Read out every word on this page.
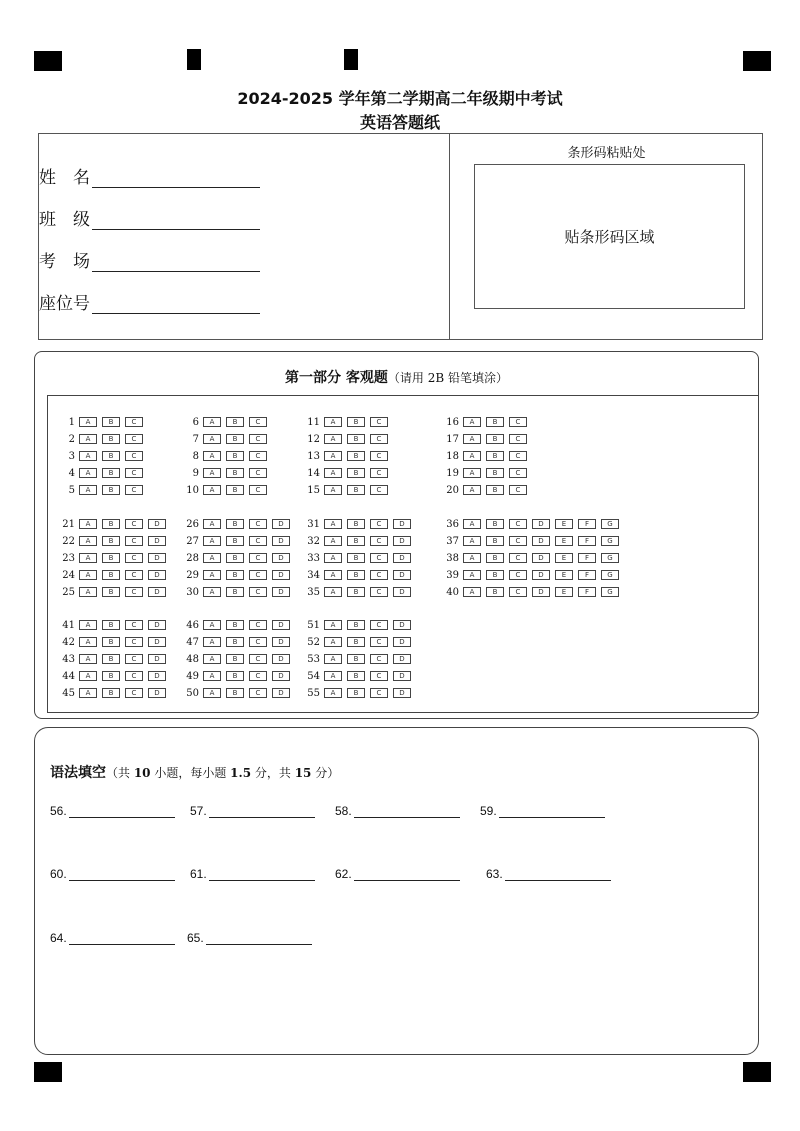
2024-2025 学年第二学期高二年级期中考试
英语答题纸
姓　名
班　级
考　场
座位号
条形码粘贴处
贴条形码区域
第一部分 客观题（请用 2B 铅笔填涂）
1	A	B	C
2	A	B	C
3	A	B	C
4	A	B	C
5	A	B	C
6	A	B	C
7	A	B	C
8	A	B	C
9	A	B	C
10	A	B	C
11	A	B	C
12	A	B	C
13	A	B	C
14	A	B	C
15	A	B	C
16	A	B	C
17	A	B	C
18	A	B	C
19	A	B	C
20	A	B	C
21	A	B	C	D
22	A	B	C	D
23	A	B	C	D
24	A	B	C	D
25	A	B	C	D
26	A	B	C	D
27	A	B	C	D
28	A	B	C	D
29	A	B	C	D
30	A	B	C	D
31	A	B	C	D
32	A	B	C	D
33	A	B	C	D
34	A	B	C	D
35	A	B	C	D
36	A	B	C	D	E	F	G
37	A	B	C	D	E	F	G
38	A	B	C	D	E	F	G
39	A	B	C	D	E	F	G
40	A	B	C	D	E	F	G
41	A	B	C	D
42	A	B	C	D
43	A	B	C	D
44	A	B	C	D
45	A	B	C	D
46	A	B	C	D
47	A	B	C	D
48	A	B	C	D
49	A	B	C	D
50	A	B	C	D
51	A	B	C	D
52	A	B	C	D
53	A	B	C	D
54	A	B	C	D
55	A	B	C	D
语法填空（共 10 小题，每小题 1.5 分，共 15 分）
56.	57.	58.	59.
60.	61.	62.	63.
64.	65.
